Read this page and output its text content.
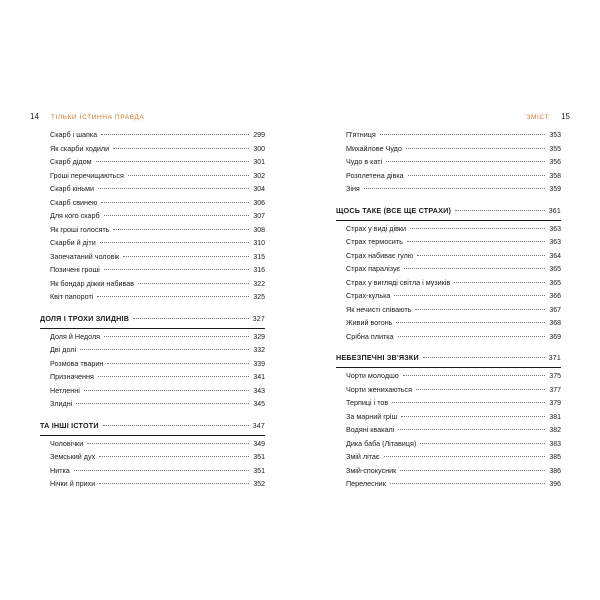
14 ТІЛЬКИ ІСТИННА ПРАВДА	ЗМІСТ 15
Скарб і шапка	299
Як скарби ходили	300
Скарб дідом	301
Гроші перечищаються	302
Скарб кіньми	304
Скарб свинею	306
Для кого скарб	307
Як гроші голосять	308
Скарби й діти	310
Запечатаний чоловік	315
Позичені гроші	316
Як бондар діжки набивав	322
Квіт папороті	325
ДОЛЯ І ТРОХИ ЗЛИДНІВ	327
Доля й Недоля	329
Дві долі	332
Розмова тварин	339
Призначення	341
Нетленні	343
Злидні	345
ТА ІНШІ ІСТОТИ	347
Чоловічки	349
Земський дух	351
Нитка	351
Нічки й прихи	352
П'ятниця	353
Михайлове Чудо	355
Чудо в каті	356
Розплетена дівка	358
Зіня	359
ЩОСЬ ТАКЕ (ВСЕ ЩЕ СТРАХИ)	361
Страх у виді дівки	363
Страх термосить	363
Страх набиває гулю	364
Страх паралізує	365
Страх у вигляді світла і музиків	365
Страх-кулька	366
Як нечисті співають	367
Живий вогонь	368
Срібна плитка	369
НЕБЕЗПЕЧНІ ЗВ'ЯЗКИ	371
Чорти молодшо	375
Чорти женихаються	377
Терпиці і тов	379
За марний гріш	381
Водяні квакалі	382
Дика баба (Літавиця)	383
Змій літає	385
Змій-спокусник	386
Перелесник	396
